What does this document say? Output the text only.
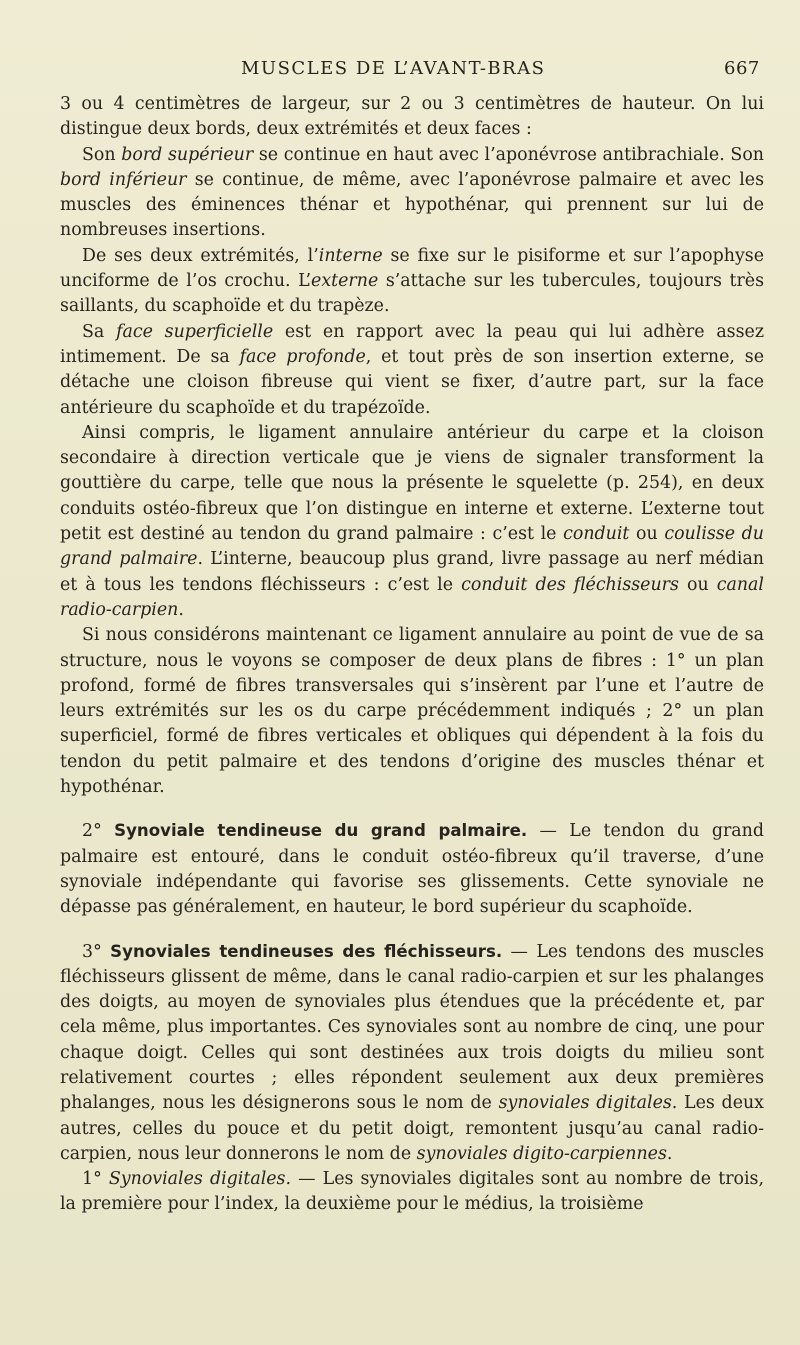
MUSCLES DE L’AVANT-BRAS	667

3 ou 4 centimètres de largeur, sur 2 ou 3 centimètres de hauteur. On lui distingue deux bords, deux extrémités et deux faces :

Son bord supérieur se continue en haut avec l’aponévrose antibrachiale. Son bord inférieur se continue, de même, avec l’aponévrose palmaire et avec les muscles des éminences thénar et hypothénar, qui prennent sur lui de nombreuses insertions.

De ses deux extrémités, l’interne se fixe sur le pisiforme et sur l’apophyse unciforme de l’os crochu. L’externe s’attache sur les tubercules, toujours très saillants, du scaphoïde et du trapèze.

Sa face superficielle est en rapport avec la peau qui lui adhère assez intimement. De sa face profonde, et tout près de son insertion externe, se détache une cloison fibreuse qui vient se fixer, d’autre part, sur la face antérieure du scaphoïde et du trapézoïde.

Ainsi compris, le ligament annulaire antérieur du carpe et la cloison secondaire à direction verticale que je viens de signaler transforment la gouttière du carpe, telle que nous la présente le squelette (p. 254), en deux conduits ostéo-fibreux que l’on distingue en interne et externe. L’externe tout petit est destiné au tendon du grand palmaire : c’est le conduit ou coulisse du grand palmaire. L’interne, beaucoup plus grand, livre passage au nerf médian et à tous les tendons fléchisseurs : c’est le conduit des fléchisseurs ou canal radio-carpien.

Si nous considérons maintenant ce ligament annulaire au point de vue de sa structure, nous le voyons se composer de deux plans de fibres : 1° un plan profond, formé de fibres transversales qui s’insèrent par l’une et l’autre de leurs extrémités sur les os du carpe précédemment indiqués ; 2° un plan superficiel, formé de fibres verticales et obliques qui dépendent à la fois du tendon du petit palmaire et des tendons d’origine des muscles thénar et hypothénar.

2° Synoviale tendineuse du grand palmaire. — Le tendon du grand palmaire est entouré, dans le conduit ostéo-fibreux qu’il traverse, d’une synoviale indépendante qui favorise ses glissements. Cette synoviale ne dépasse pas généralement, en hauteur, le bord supérieur du scaphoïde.

3° Synoviales tendineuses des fléchisseurs. — Les tendons des muscles fléchisseurs glissent de même, dans le canal radio-carpien et sur les phalanges des doigts, au moyen de synoviales plus étendues que la précédente et, par cela même, plus importantes. Ces synoviales sont au nombre de cinq, une pour chaque doigt. Celles qui sont destinées aux trois doigts du milieu sont relativement courtes ; elles répondent seulement aux deux premières phalanges, nous les désignerons sous le nom de synoviales digitales. Les deux autres, celles du pouce et du petit doigt, remontent jusqu’au canal radio-carpien, nous leur donnerons le nom de synoviales digito-carpiennes.

1° Synoviales digitales. — Les synoviales digitales sont au nombre de trois, la première pour l’index, la deuxième pour le médius, la troisième
